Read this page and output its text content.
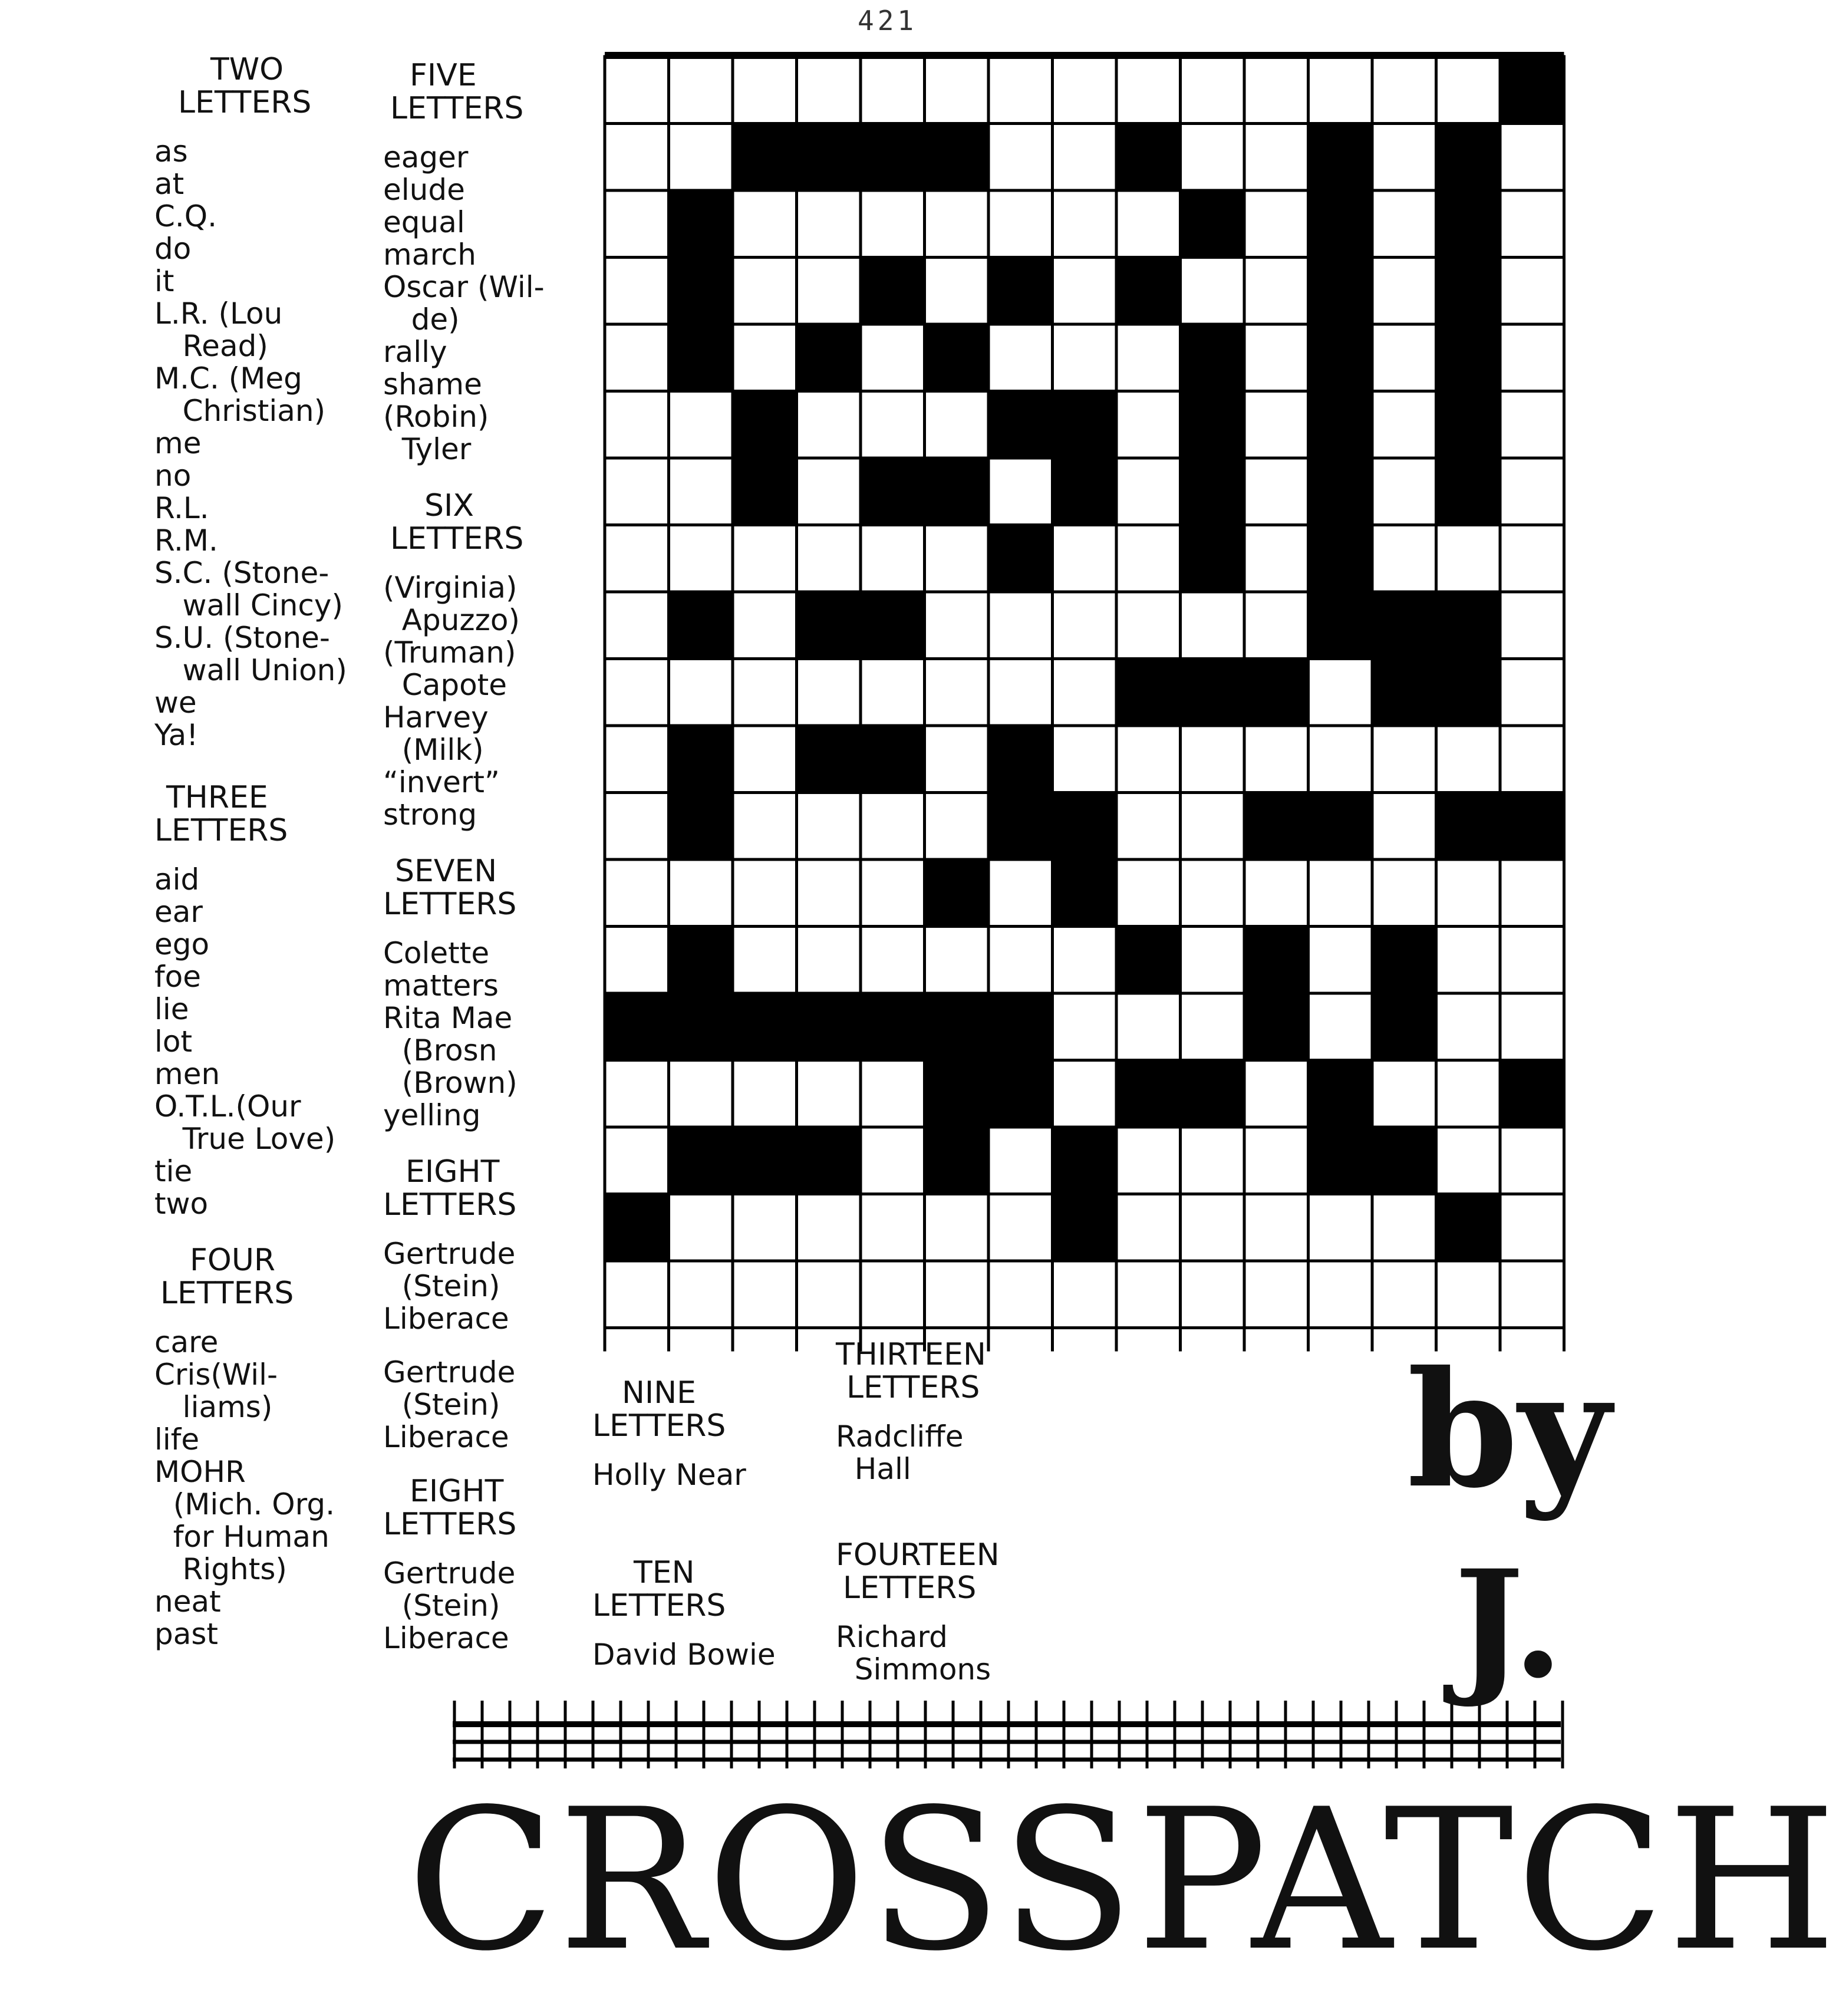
421
TWO
LETTERS
as
at
C.Q.
do
it
L.R. (Lou
Read)
M.C. (Meg
Christian)
me
no
R.L.
R.M.
S.C. (Stone-
wall Cincy)
S.U. (Stone-
wall Union)
we
Ya!
THREE
LETTERS
aid
ear
ego
foe
lie
lot
men
O.T.L.(Our
True Love)
tie
two
FOUR
LETTERS
care
Cris(Wil-
liams)
life
MOHR
(Mich. Org.
for Human
Rights)
neat
past
FIVE
LETTERS
eager
elude
equal
march
Oscar (Wil-
de)
rally
shame
(Robin)
Tyler
SIX
LETTERS
(Virginia)
Apuzzo)
(Truman)
Capote
Harvey
(Milk)
“invert”
strong
SEVEN
LETTERS
Colette
matters
Rita Mae
(Brosn
(Brown)
yelling
EIGHT
LETTERS
Gertrude
(Stein)
Liberace
Gertrude
(Stein)
Liberace
EIGHT
LETTERS
Gertrude
(Stein)
Liberace
NINE
LETTERS
Holly Near
TEN
LETTERS
David Bowie
THIRTEEN
LETTERS
Radcliffe
Hall
FOURTEEN
LETTERS
Richard
Simmons
by
J.
CROSSPATCH
